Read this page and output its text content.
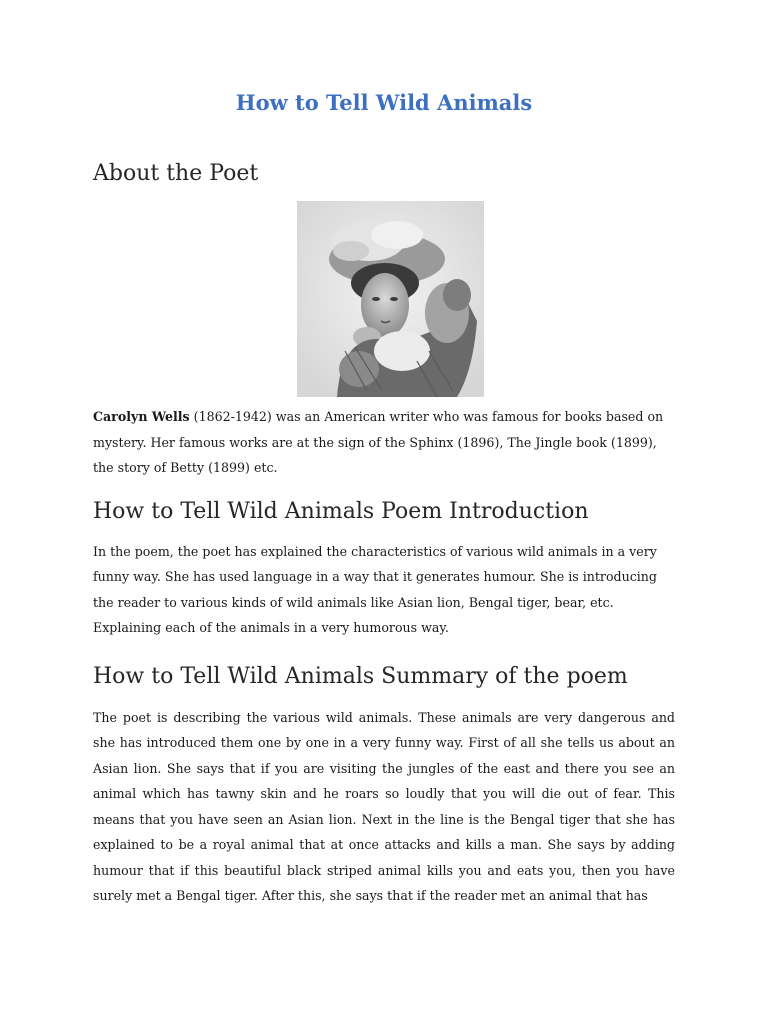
How to Tell Wild Animals
About the Poet

Carolyn Wells (1862-1942) was an American writer who was famous for books based on mystery. Her famous works are at the sign of the Sphinx (1896), The Jingle book (1899), the story of Betty (1899) etc.

How to Tell Wild Animals Poem Introduction

In the poem, the poet has explained the characteristics of various wild animals in a very funny way. She has used language in a way that it generates humour. She is introducing the reader to various kinds of wild animals like Asian lion, Bengal tiger, bear, etc. Explaining each of the animals in a very humorous way.

How to Tell Wild Animals Summary of the poem

The poet is describing the various wild animals. These animals are very dangerous and she has introduced them one by one in a very funny way. First of all she tells us about an Asian lion. She says that if you are visiting the jungles of the east and there you see an animal which has tawny skin and he roars so loudly that you will die out of fear. This means that you have seen an Asian lion. Next in the line is the Bengal tiger that she has explained to be a royal animal that at once attacks and kills a man. She says by adding humour that if this beautiful black striped animal kills you and eats you, then you have surely met a Bengal tiger. After this, she says that if the reader met an animal that has
